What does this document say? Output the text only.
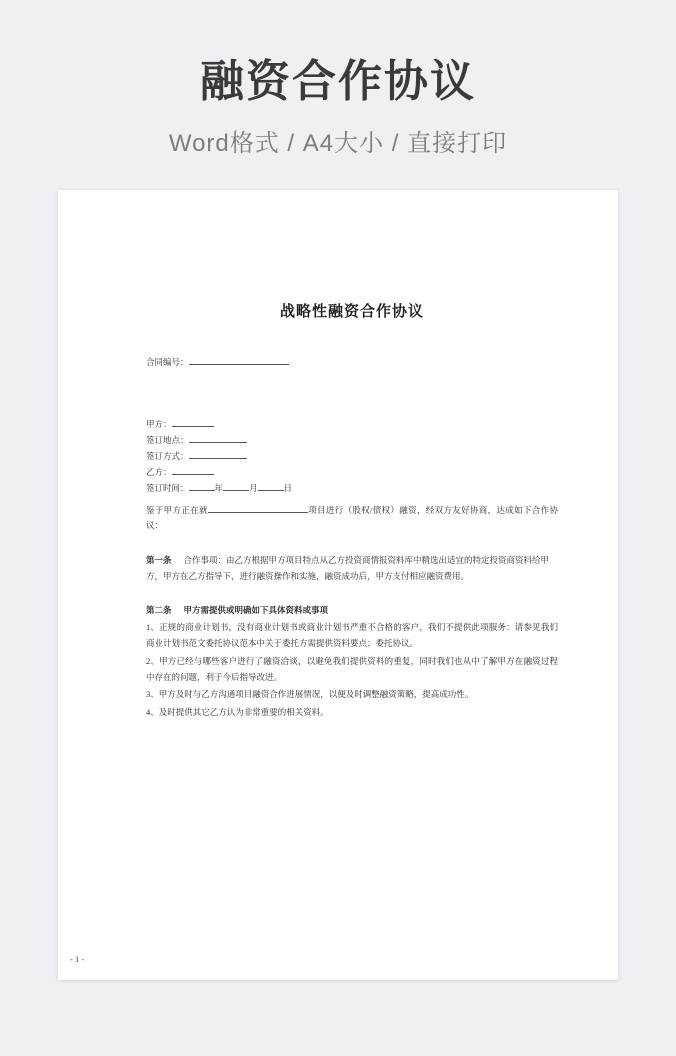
融资合作协议
Word格式 / A4大小 / 直接打印
战略性融资合作协议
合同编号：
甲方：
签订地点：
签订方式：
乙方：
签订时间：	年	月	日
鉴于甲方正在就	项目进行（股权/债权）融资，经双方友好协商，达成如下合作协议：
第一条 合作事项：由乙方根据甲方项目特点从乙方投资商情报资料库中精选出适宜的特定投资商资料给甲方，甲方在乙方指导下，进行融资操作和实施，融资成功后，甲方支付相应融资费用。
第二条 甲方需提供或明确如下具体资料或事项
1、正规的商业计划书，没有商业计划书或商业计划书严重不合格的客户，我们不提供此项服务：请参见我们商业计划书范文委托协议范本中关于委托方需提供资料要点；委托协议。
2、甲方已经与哪些客户进行了融资洽谈，以避免我们提供资料的重复，同时我们也从中了解甲方在融资过程中存在的问题，利于今后指导改进。
3、甲方及时与乙方沟通项目融资合作进展情况，以便及时调整融资策略，提高成功性。
4、及时提供其它乙方认为非常重要的相关资料。
- 1 -
